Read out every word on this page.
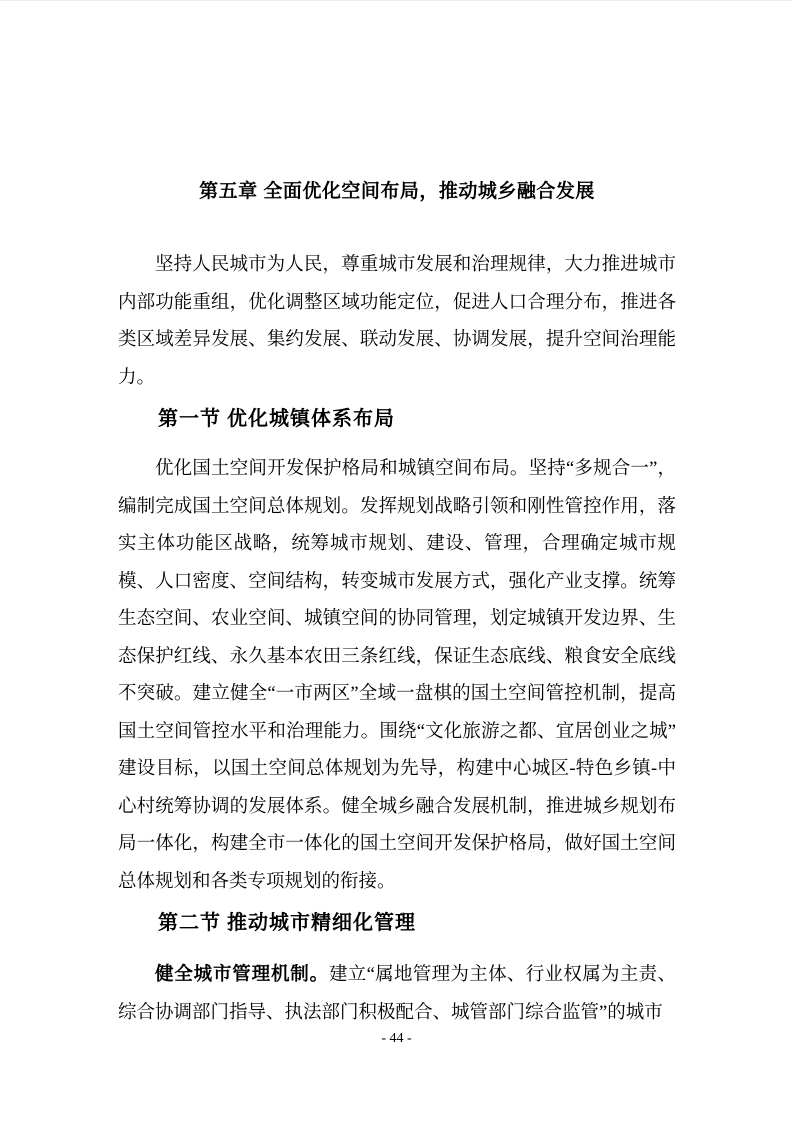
第五章 全面优化空间布局，推动城乡融合发展

坚持人民城市为人民，尊重城市发展和治理规律，大力推进城市内部功能重组，优化调整区域功能定位，促进人口合理分布，推进各类区域差异发展、集约发展、联动发展、协调发展，提升空间治理能力。

第一节 优化城镇体系布局

优化国土空间开发保护格局和城镇空间布局。坚持“多规合一”，编制完成国土空间总体规划。发挥规划战略引领和刚性管控作用，落实主体功能区战略，统筹城市规划、建设、管理，合理确定城市规模、人口密度、空间结构，转变城市发展方式，强化产业支撑。统筹生态空间、农业空间、城镇空间的协同管理，划定城镇开发边界、生态保护红线、永久基本农田三条红线，保证生态底线、粮食安全底线不突破。建立健全“一市两区”全域一盘棋的国土空间管控机制，提高国土空间管控水平和治理能力。围绕“文化旅游之都、宜居创业之城”建设目标，以国土空间总体规划为先导，构建中心城区-特色乡镇-中心村统筹协调的发展体系。健全城乡融合发展机制，推进城乡规划布局一体化，构建全市一体化的国土空间开发保护格局，做好国土空间总体规划和各类专项规划的衔接。

第二节 推动城市精细化管理

健全城市管理机制。建立“属地管理为主体、行业权属为主责、综合协调部门指导、执法部门积极配合、城管部门综合监管”的城市

- 44 -
